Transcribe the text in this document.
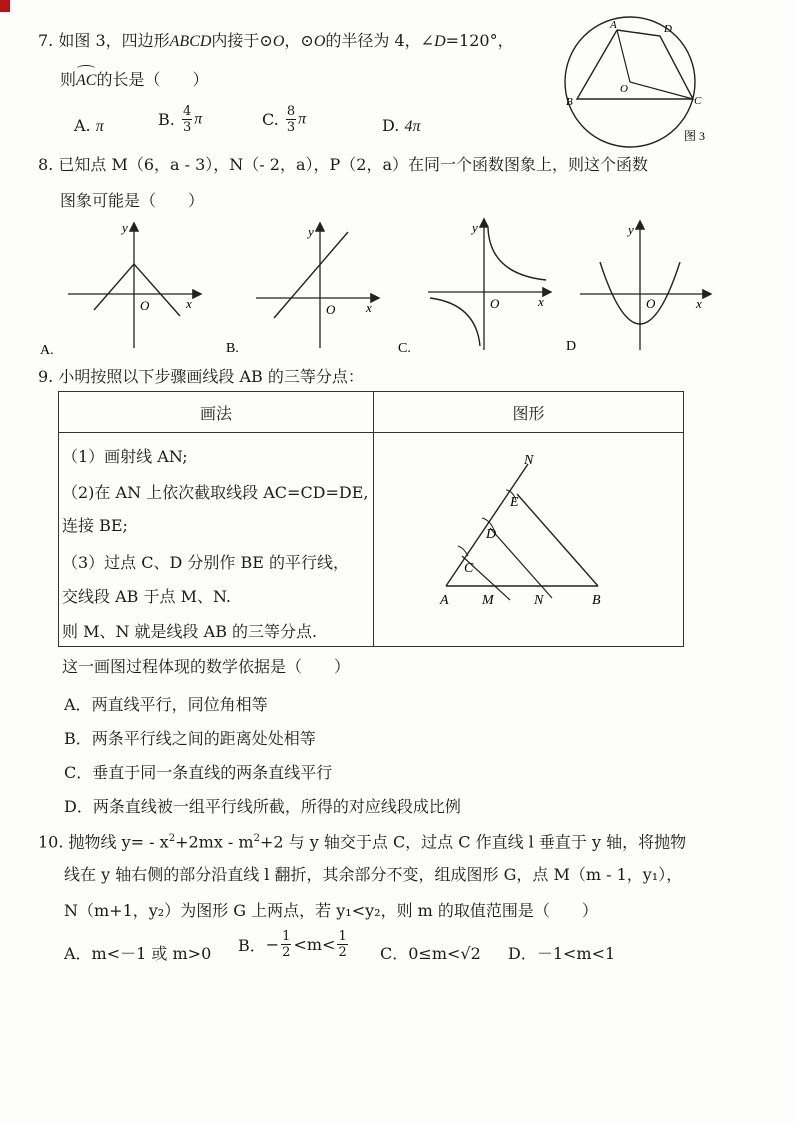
7. 如图 3，四边形ABCD内接于⊙O，⊙O的半径为 4，∠D=120°，
则
AC的长是（　　）
A. π	B. $\frac{4}{3}$ π	C. $\frac{8}{3}$ π	D. 4π
A	D
B	C
O
图 3
8. 已知点 M（6，a - 3），N（- 2，a），P（2，a）在同一个函数图象上，则这个函数
图象可能是（　　）
y
x
O
A.
y
x
O
B.
y
x
O
C.
y
x
O
D
9. 小明按照以下步骤画线段 AB 的三等分点：
画法	图形

（1）画射线 AN;
（2)在 AN 上依次截取线段 AC=CD=DE,
连接 BE;
（3）过点 C、D 分别作 BE 的平行线，
交线段 AB 于点 M、N.
则 M、N 就是线段 AB 的三等分点.
N
E
D
C
A M	N	B
这一画图过程体现的数学依据是（　　）
A．两直线平行，同位角相等
B．两条平行线之间的距离处处相等
C．垂直于同一条直线的两条直线平行
D．两条直线被一组平行线所截，所得的对应线段成比例
10. 抛物线 $y= - x^2+2mx - m^2+2$ 与 y 轴交于点 C，过点 C 作直线 l 垂直于 y 轴，将抛物
线在 y 轴右侧的部分沿直线 l 翻折，其余部分不变，组成图形 G，点 M（m - 1，y₁），
N（m+1，y₂）为图形 G 上两点，若 y₁<y₂，则 m 的取值范围是（　　）
A．m<－1 或 m>0 B．− $\frac{1}{2} <m< \frac{1}{2}$ C．0≤m<√2 D．－1<m<1
